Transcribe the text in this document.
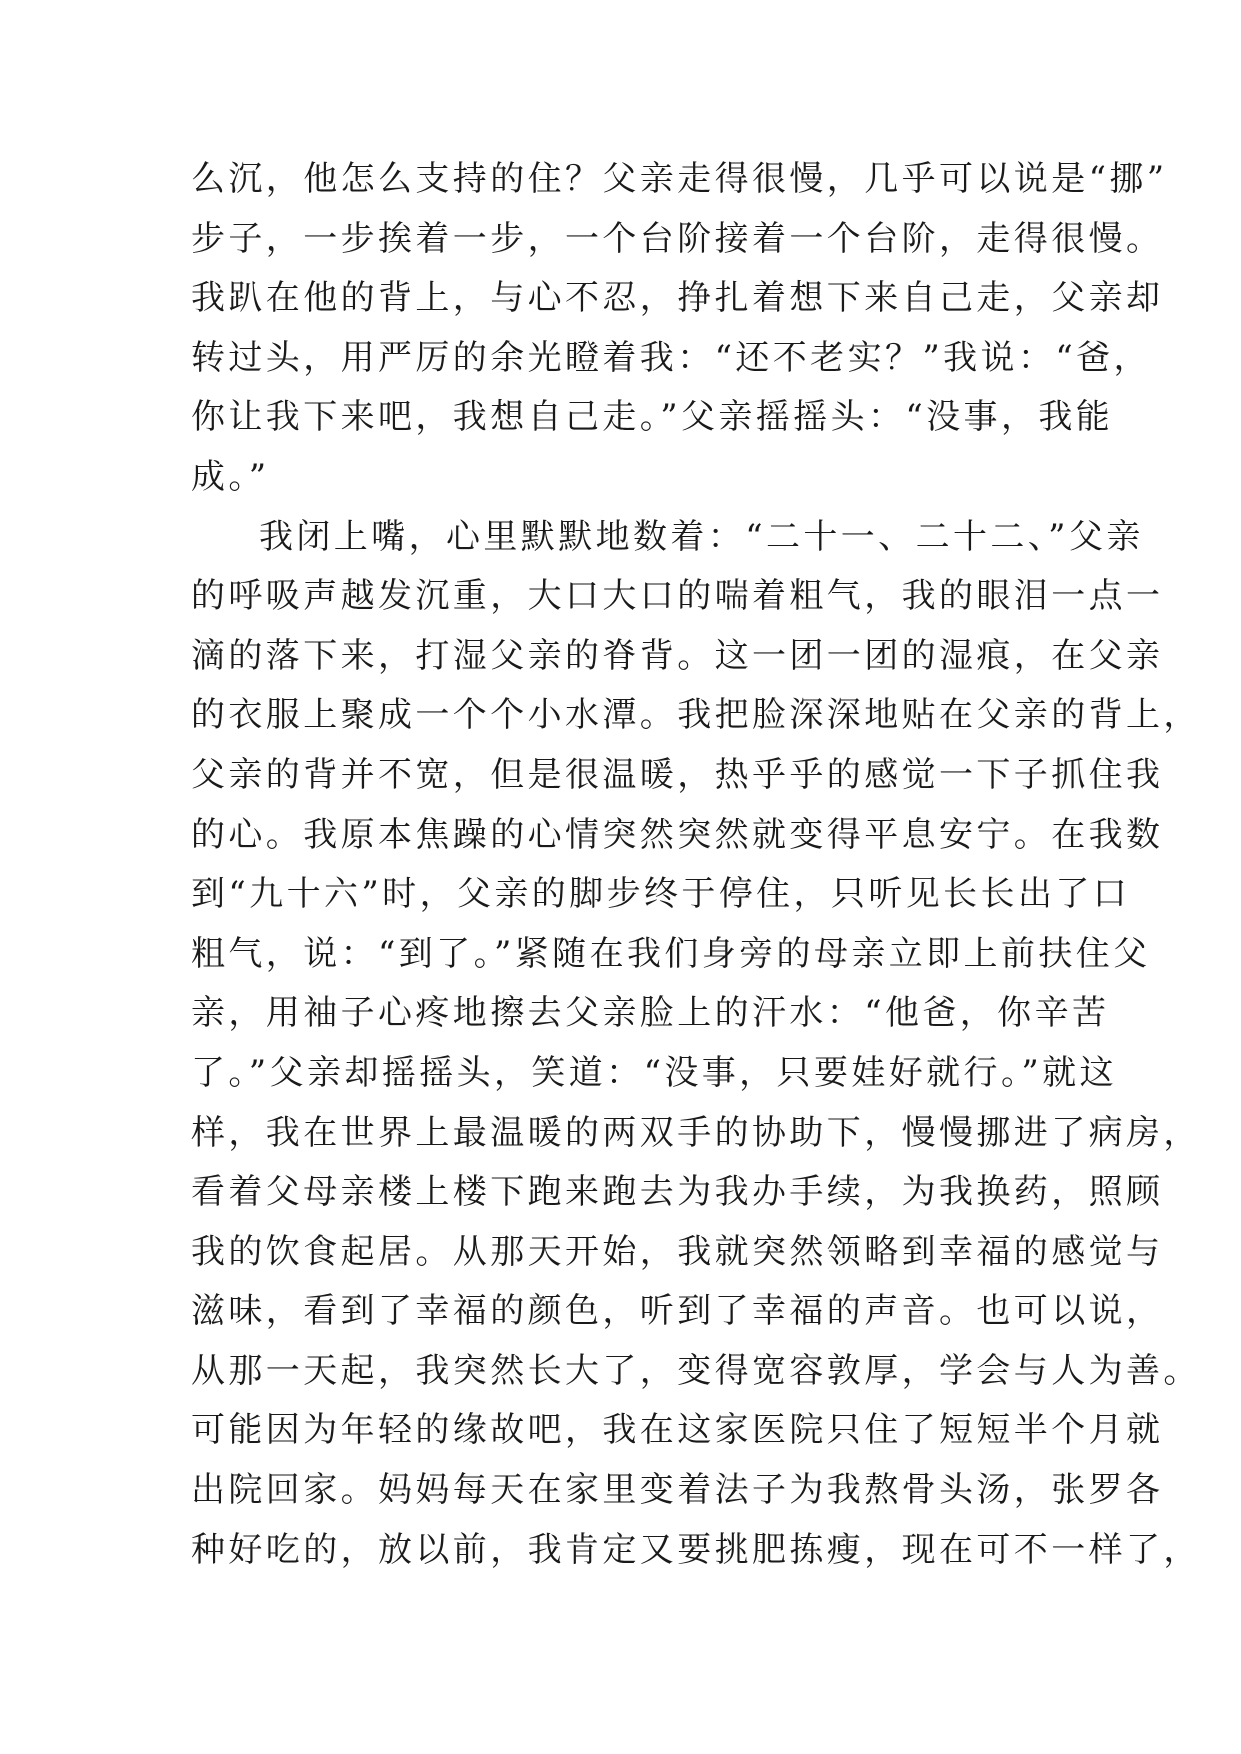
么沉，他怎么支持的住？父亲走得很慢，几乎可以说是“挪”
步子，一步挨着一步，一个台阶接着一个台阶，走得很慢。
我趴在他的背上，与心不忍，挣扎着想下来自己走，父亲却
转过头，用严厉的余光瞪着我：“还不老实？”我说：“爸，
你让我下来吧，我想自己走。”父亲摇摇头：“没事，我能
成。”
我闭上嘴，心里默默地数着：“二十一、二十二、”父亲
的呼吸声越发沉重，大口大口的喘着粗气，我的眼泪一点一
滴的落下来，打湿父亲的脊背。这一团一团的湿痕，在父亲
的衣服上聚成一个个小水潭。我把脸深深地贴在父亲的背上，
父亲的背并不宽，但是很温暖，热乎乎的感觉一下子抓住我
的心。我原本焦躁的心情突然突然就变得平息安宁。在我数
到“九十六”时，父亲的脚步终于停住，只听见长长出了口
粗气，说：“到了。”紧随在我们身旁的母亲立即上前扶住父
亲，用袖子心疼地擦去父亲脸上的汗水：“他爸，你辛苦
了。”父亲却摇摇头，笑道：“没事，只要娃好就行。”就这
样，我在世界上最温暖的两双手的协助下，慢慢挪进了病房，
看着父母亲楼上楼下跑来跑去为我办手续，为我换药，照顾
我的饮食起居。从那天开始，我就突然领略到幸福的感觉与
滋味，看到了幸福的颜色，听到了幸福的声音。也可以说，
从那一天起，我突然长大了，变得宽容敦厚，学会与人为善。
可能因为年轻的缘故吧，我在这家医院只住了短短半个月就
出院回家。妈妈每天在家里变着法子为我熬骨头汤，张罗各
种好吃的，放以前，我肯定又要挑肥拣瘦，现在可不一样了，
